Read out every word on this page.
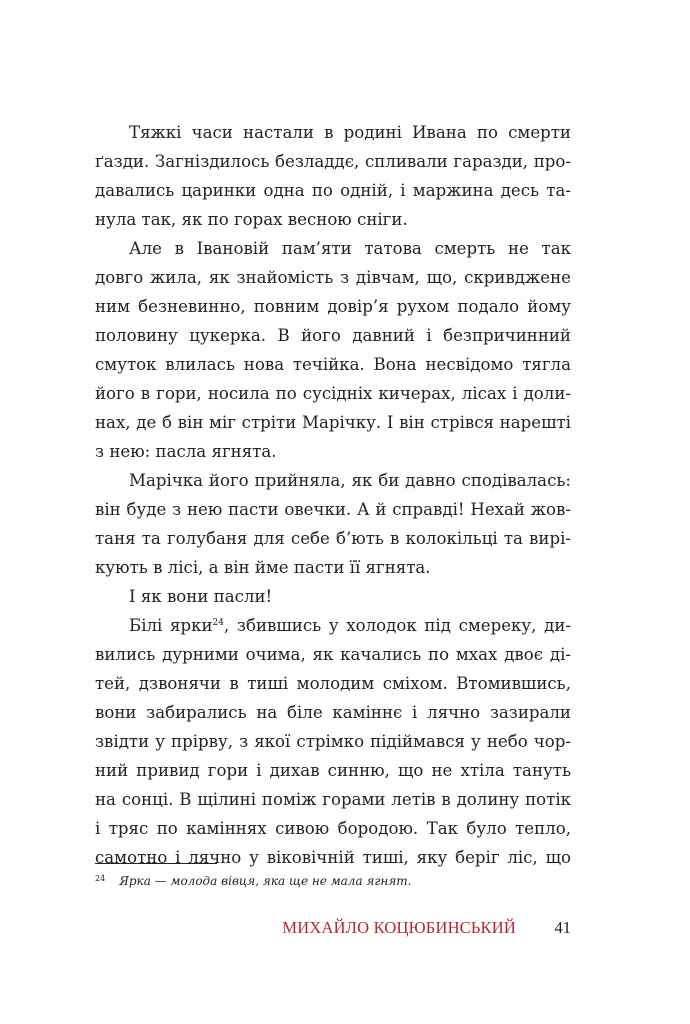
Тяжкі часи настали в родині Ивана по смерти
ґазди. Загніздилось безладдє, спливали гаразди, про-
давались царинки одна по одній, і маржина десь та-
нула так, як по горах весною сніги.
Але в Івановій пам’яти татова смерть не так
довго жила, як знайомість з дівчам, що, скривджене
ним безневинно, повним довір’я рухом подало йому
половину цукерка. В його давний і безпричинний
смуток влилась нова течійка. Вона несвідомо тягла
його в гори, носила по сусідніх кичерах, лісах і доли-
нах, де б він міг стріти Марічку. І він стрівся нарешті
з нею: пасла ягнята.
Марічка його прийняла, як би давно сподівалась:
він буде з нею пасти овечки. А й справді! Нехай жов-
таня та голубаня для себе б’ють в колокільці та вирі-
кують в лісі, а він йме пасти її ягнята.
І як вони пасли!
Білі ярки$^{24}$, збившись у холодок під смереку, ди-
вились дурними очима, як качались по мхах двоє ді-
тей, дзвонячи в тиші молодим сміхом. Втомившись,
вони забирались на біле каміннє і лячно зазирали
звідти у прірву, з якої стрімко підіймався у небо чор-
ний привид гори і дихав синню, що не хтіла тануть
на сонці. В щілині поміж горами летів в долину потік
і тряс по каміннях сивою бородою. Так було тепло,
самотно і лячно у віковічній тиші, яку беріг ліс, що
$^{24}$ Ярка — молода вівця, яка ще не мала ягнят.
МИХАЙЛО КОЦЮБИНСЬКИЙ 41
